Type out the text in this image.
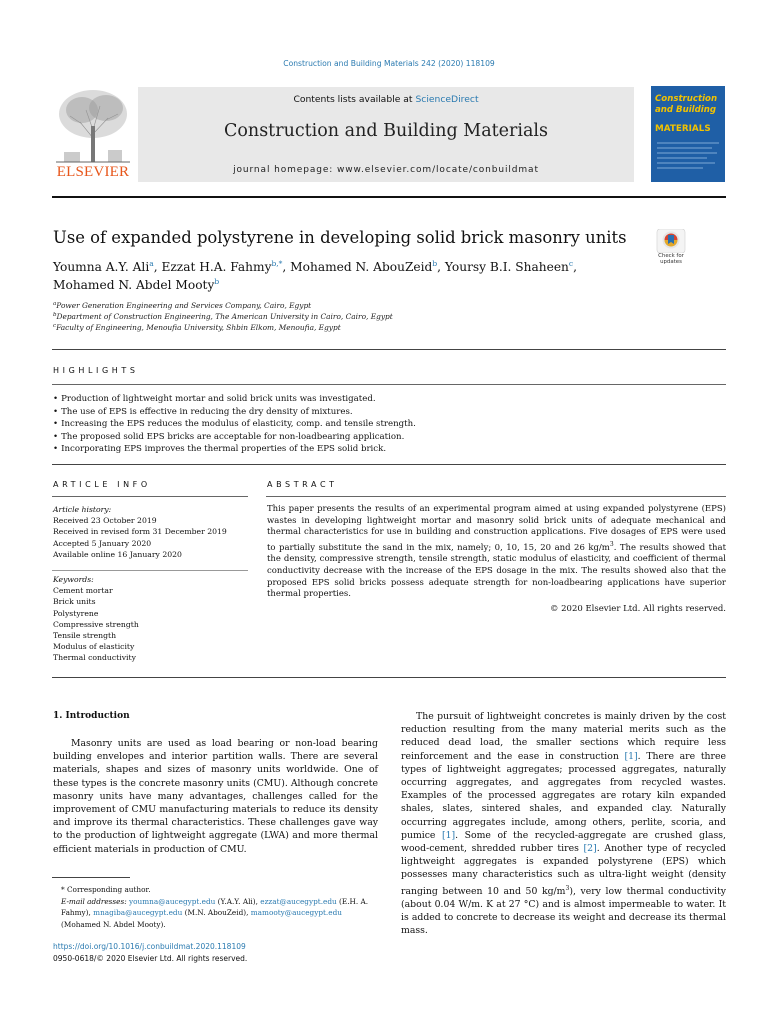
Construction and Building Materials 242 (2020) 118109
ELSEVIER
Contents lists available at ScienceDirect
Construction and Building Materials
journal homepage: www.elsevier.com/locate/conbuildmat
Construction and Building
MATERIALS
Use of expanded polystyrene in developing solid brick masonry units
Check for
updates
Youmna A.Y. Ali$^a$, Ezzat H.A. Fahmy$^{b,*}$, Mohamed N. AbouZeid$^b$, Yoursy B.I. Shaheen$^c$,
Mohamed N. Abdel Mooty$^b$
$^a$Power Generation Engineering and Services Company, Cairo, Egypt
$^b$Department of Construction Engineering, The American University in Cairo, Cairo, Egypt
$^c$Faculty of Engineering, Menoufia University, Shbin Elkom, Menoufia, Egypt
HIGHLIGHTS
• Production of lightweight mortar and solid brick units was investigated.
• The use of EPS is effective in reducing the dry density of mixtures.
• Increasing the EPS reduces the modulus of elasticity, comp. and tensile strength.
• The proposed solid EPS bricks are acceptable for non-loadbearing application.
• Incorporating EPS improves the thermal properties of the EPS solid brick.
ARTICLE INFO	ABSTRACT
Article history:
Received 23 October 2019
Received in revised form 31 December 2019
Accepted 5 January 2020
Available online 16 January 2020
Keywords:
Cement mortar
Brick units
Polystyrene
Compressive strength
Tensile strength
Modulus of elasticity
Thermal conductivity
This paper presents the results of an experimental program aimed at using expanded polystyrene (EPS) wastes in developing lightweight mortar and masonry solid brick units of adequate mechanical and thermal characteristics for use in building and construction applications. Five dosages of EPS were used to partially substitute the sand in the mix, namely; 0, 10, 15, 20 and 26 $kg/m^3$. The results showed that the density, compressive strength, tensile strength, static modulus of elasticity, and coefficient of thermal conductivity decrease with the increase of the EPS dosage in the mix. The results showed also that the proposed EPS solid bricks possess adequate strength for non-loadbearing applications have superior thermal properties.
© 2020 Elsevier Ltd. All rights reserved.
1. Introduction
Masonry units are used as load bearing or non-load bearing building envelopes and interior partition walls. There are several materials, shapes and sizes of masonry units worldwide. One of these types is the concrete masonry units (CMU). Although concrete masonry units have many advantages, challenges called for the improvement of CMU manufacturing materials to reduce its density and improve its thermal characteristics. These challenges gave way to the production of lightweight aggregate (LWA) and more thermal efficient materials in production of CMU.
The pursuit of lightweight concretes is mainly driven by the cost reduction resulting from the many material merits such as the reduced dead load, the smaller sections which require less reinforcement and the ease in construction [1]. There are three types of lightweight aggregates; processed aggregates, naturally occurring aggregates, and aggregates from recycled wastes. Examples of the processed aggregates are rotary kiln expanded shales, slates, sintered shales, and expanded clay. Naturally occurring aggregates include, among others, perlite, scoria, and pumice [1]. Some of the recycled-aggregate are crushed glass, wood-cement, shredded rubber tires [2]. Another type of recycled lightweight aggregates is expanded polystyrene (EPS) which possesses many characteristics such as ultra-light weight (density ranging between 10 and 50 $kg/m^3$), very low thermal conductivity (about 0.04 W/m. K at 27 °C) and is almost impermeable to water. It is added to concrete to decrease its weight and decrease its thermal mass.
* Corresponding author.
E-mail addresses: youmna@aucegypt.edu (Y.A.Y. Ali), ezzat@aucegypt.edu (E.H. A. Fahmy), mnagiba@aucegypt.edu (M.N. AbouZeid), mamooty@aucegypt.edu (Mohamed N. Abdel Mooty).
https://doi.org/10.1016/j.conbuildmat.2020.118109
0950-0618/© 2020 Elsevier Ltd. All rights reserved.
